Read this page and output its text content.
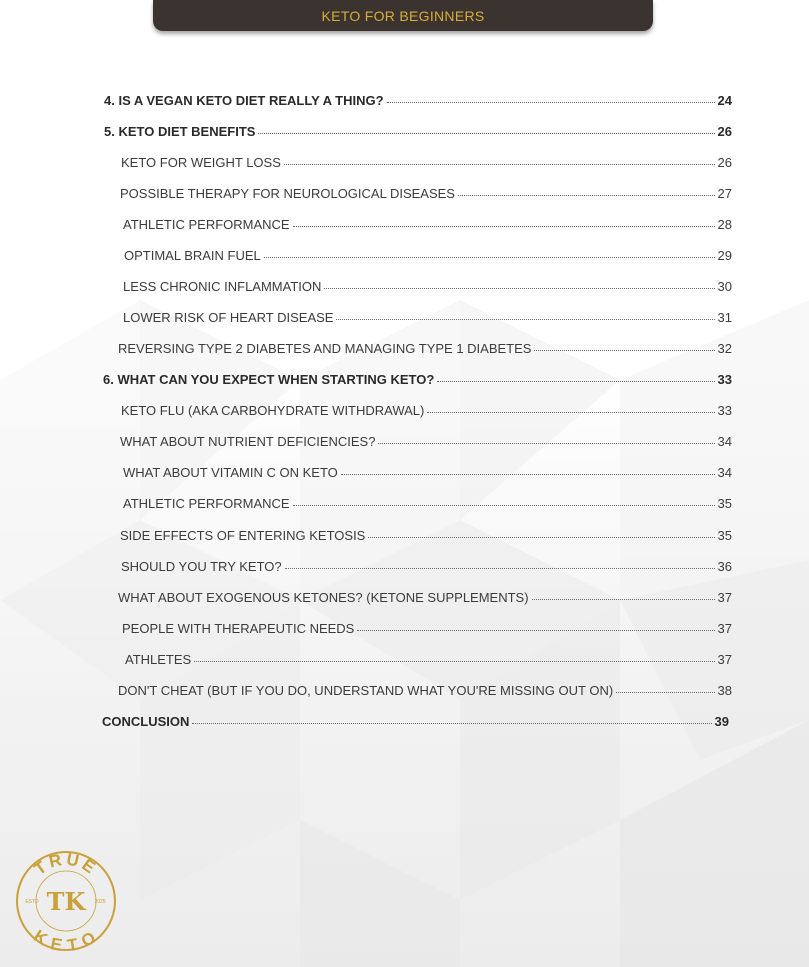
KETO FOR BEGINNERS
4. IS A VEGAN KETO DIET REALLY A THING?	24
5. KETO DIET BENEFITS	26
KETO FOR WEIGHT LOSS	26
POSSIBLE THERAPY FOR NEUROLOGICAL DISEASES	27
ATHLETIC PERFORMANCE	28
OPTIMAL BRAIN FUEL	29
LESS CHRONIC INFLAMMATION	30
LOWER RISK OF HEART DISEASE	31
REVERSING TYPE 2 DIABETES AND MANAGING TYPE 1 DIABETES	32
6. WHAT CAN YOU EXPECT WHEN STARTING KETO?	33
KETO FLU (AKA CARBOHYDRATE WITHDRAWAL)	33
WHAT ABOUT NUTRIENT DEFICIENCIES?	34
WHAT ABOUT VITAMIN C ON KETO	34
ATHLETIC PERFORMANCE	35
SIDE EFFECTS OF ENTERING KETOSIS	35
SHOULD YOU TRY KETO?	36
WHAT ABOUT EXOGENOUS KETONES? (KETONE SUPPLEMENTS)	37
PEOPLE WITH THERAPEUTIC NEEDS	37
ATHLETES	37
DON'T CHEAT (BUT IF YOU DO, UNDERSTAND WHAT YOU'RE MISSING OUT ON)	38
CONCLUSION	39
TRUE
KETO
ESTD	2025
TK
